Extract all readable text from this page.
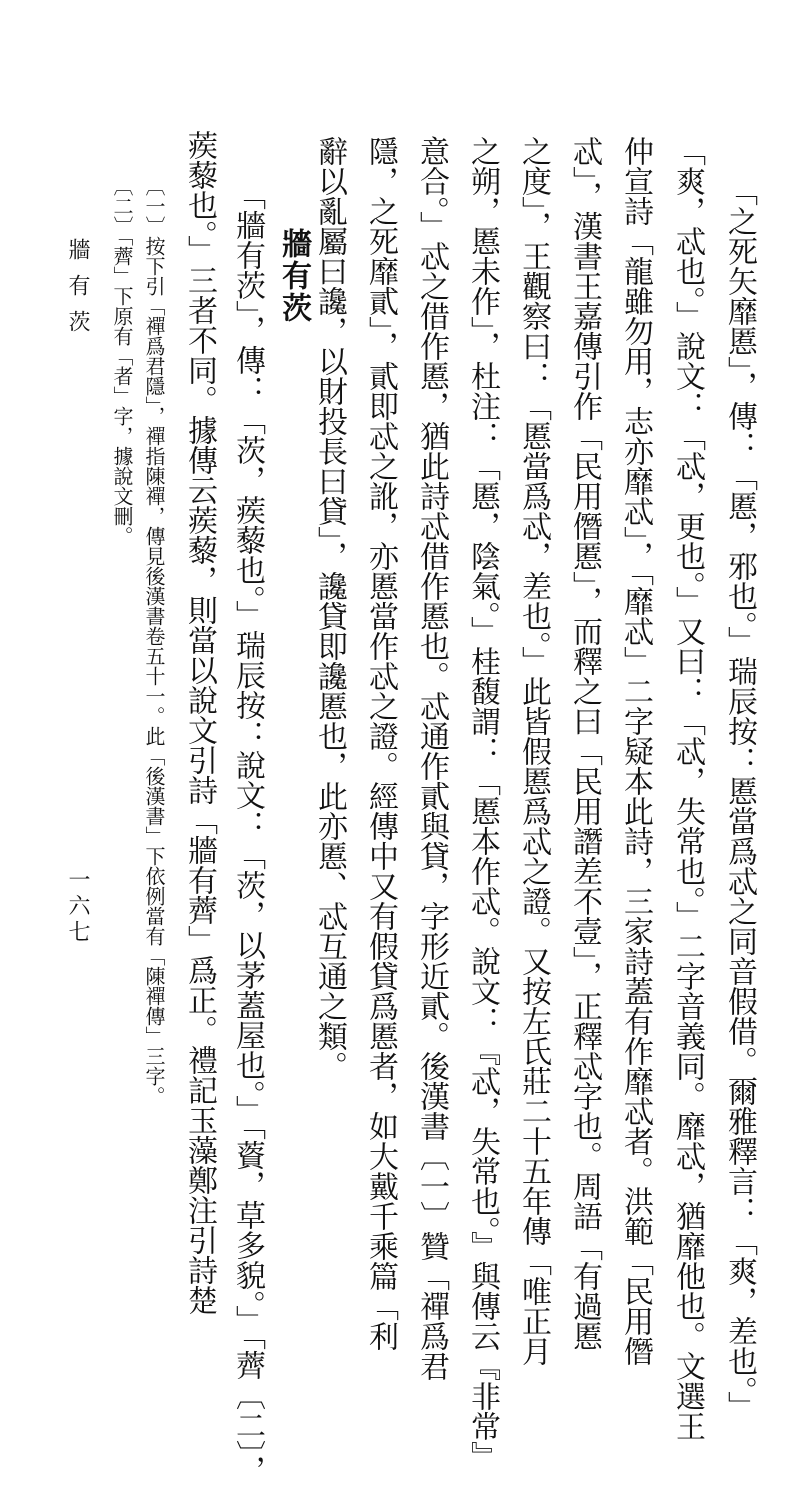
「之死矢靡慝」，傳：「慝，邪也。」瑞辰按：慝當爲忒之同音假借。爾雅釋言：「爽，差也。」
「爽，忒也。」說文：「忒，更也。」又曰：「忒，失常也。」二字音義同。靡忒，猶靡他也。文選王
仲宣詩「龍雖勿用，志亦靡忒」，「靡忒」二字疑本此詩，三家詩蓋有作靡忒者。洪範「民用僭
忒」，漢書王嘉傳引作「民用僭慝」，而釋之曰「民用譖差不壹」，正釋忒字也。周語「有過慝
之度」，王觀察曰：「慝當爲忒，差也。」此皆假慝爲忒之證。又按左氏莊二十五年傳「唯正月
之朔，慝未作」，杜注：「慝，陰氣。」桂馥謂：「慝本作忒。說文：『忒，失常也。』與傳云『非常』
意合。」忒之借作慝，猶此詩忒借作慝也。忒通作貳與貸，字形近貳。後漢書〔一〕贊「禪爲君
隱，之死靡貳」，貳即忒之訛，亦慝當作忒之證。經傳中又有假貸爲慝者，如大戴千乘篇「利
辭以亂屬曰讒，以財投長曰貸」，讒貸即讒慝也，此亦慝、忒互通之類。
牆有茨
「牆有茨」，傳：「茨，蒺藜也。」瑞辰按：說文：「茨，以茅蓋屋也。」「薋，草多貌。」「薺〔二〕，
蒺藜也。」三者不同。據傳云蒺藜，則當以說文引詩「牆有薺」爲正。禮記玉藻鄭注引詩楚
〔一〕按下引「禪爲君隱」，禪指陳禪，傳見後漢書卷五十一。此「後漢書」下依例當有「陳禪傳」三字。
〔二〕「薺」下原有「者」字，據說文刪。
牆有茨
一六七
